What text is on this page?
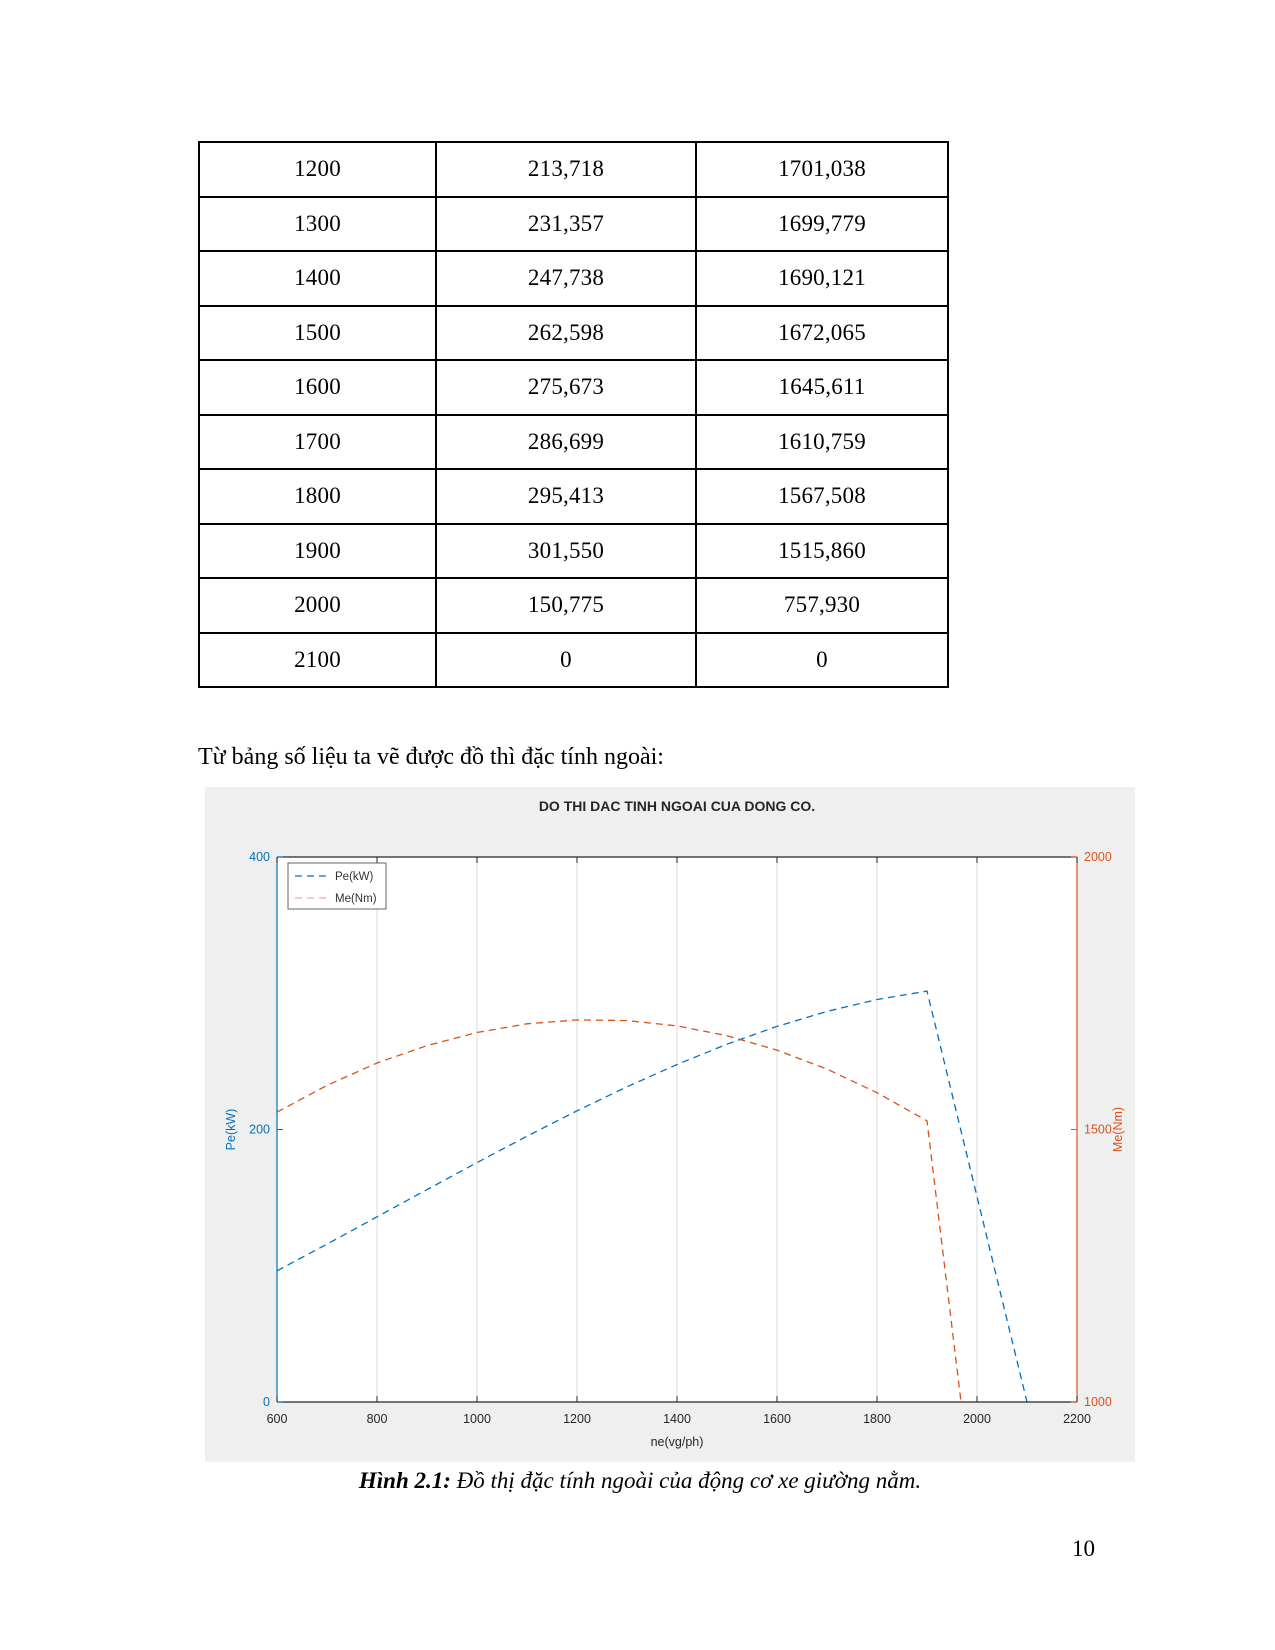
1200	213,718	1701,038
1300	231,357	1699,779
1400	247,738	1690,121
1500	262,598	1672,065
1600	275,673	1645,611
1700	286,699	1610,759
1800	295,413	1567,508
1900	301,550	1515,860
2000	150,775	757,930
2100	0	0
Từ bảng số liệu ta vẽ được đồ thì đặc tính ngoài:
600	800	1000	1200	1400	1600	1800	2000	2200
0
200
400
1000
1500
2000
ne(vg/ph)
Pe(kW)	Me(Nm)
DO THI DAC TINH NGOAI CUA DONG CO.
Pe(kW)
Me(Nm)
Hình 2.1: Đồ thị đặc tính ngoài của động cơ xe giường nằm.
10
